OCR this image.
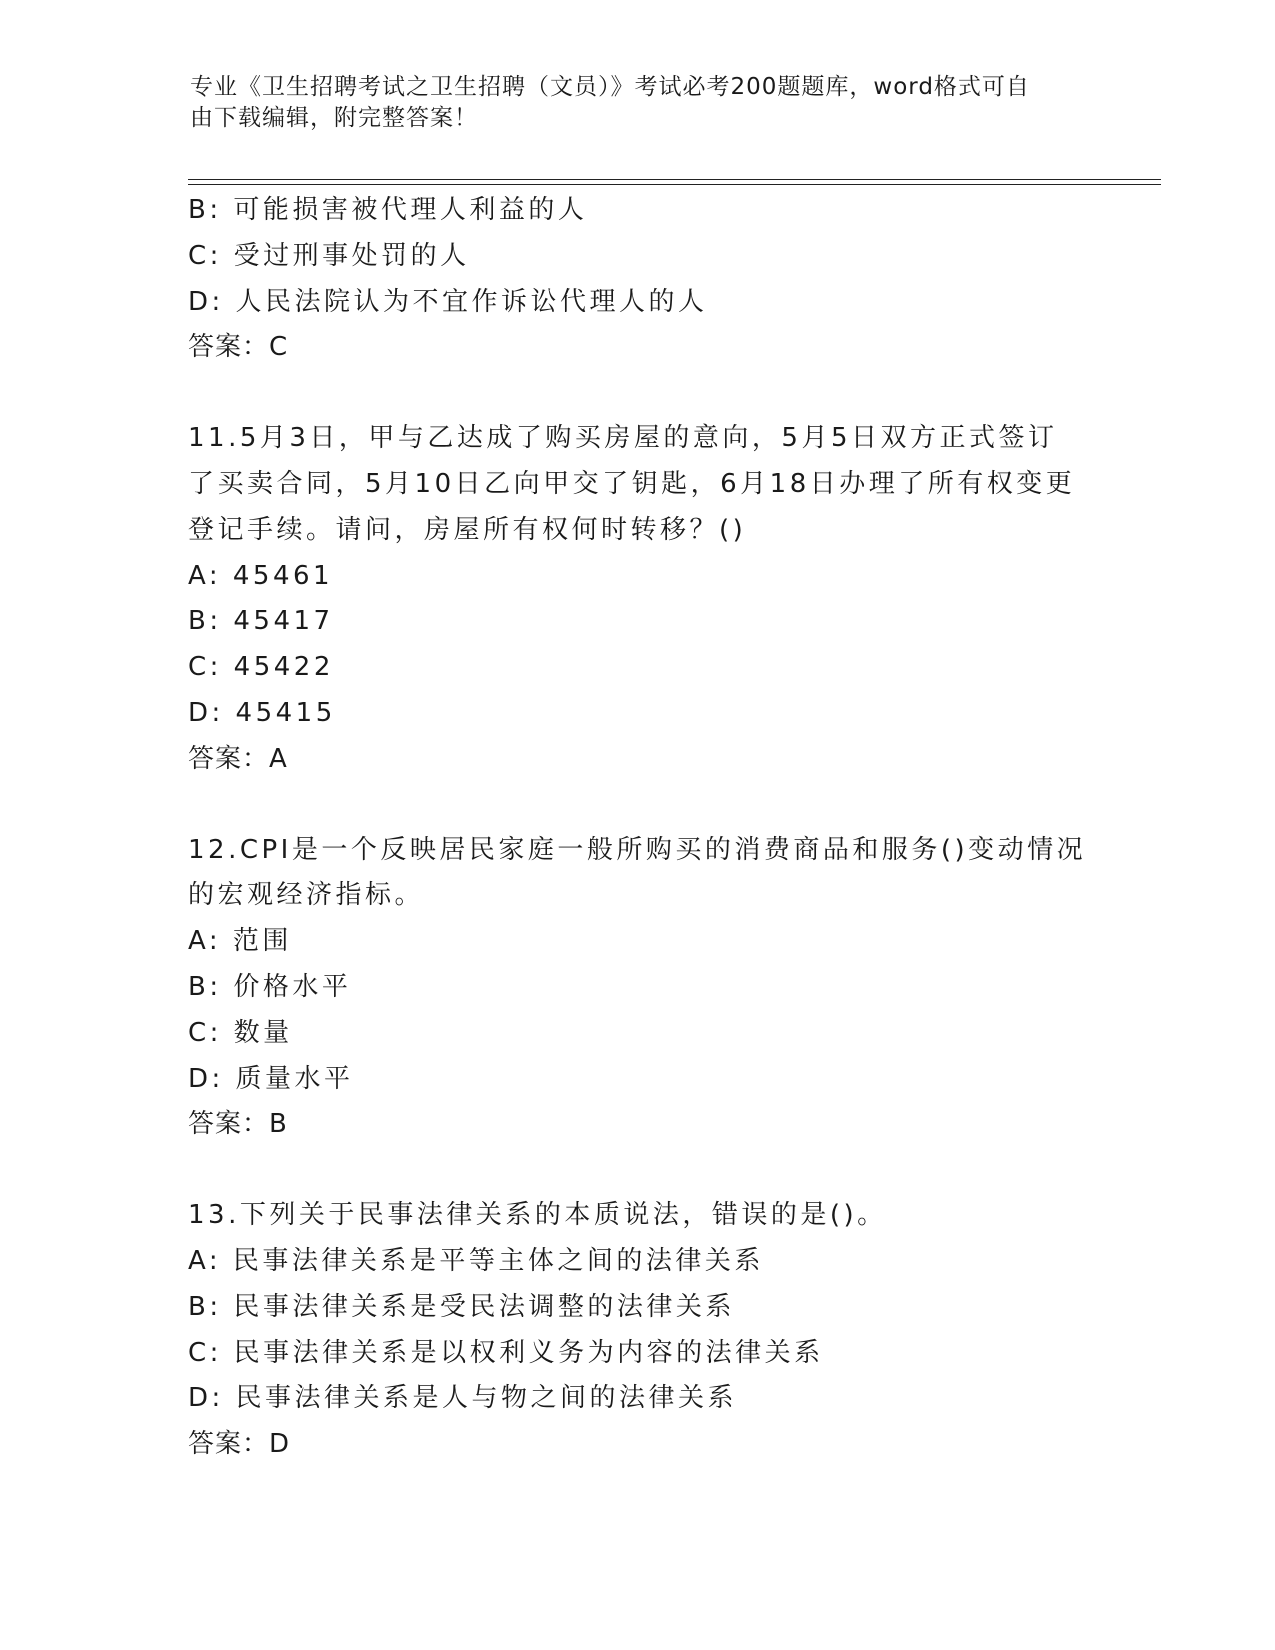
专业《卫生招聘考试之卫生招聘（文员）》考试必考200题题库，word格式可自
由下载编辑，附完整答案！
B: 可能损害被代理人利益的人
C: 受过刑事处罚的人
D: 人民法院认为不宜作诉讼代理人的人
答案：C
11.5月3日，甲与乙达成了购买房屋的意向，5月5日双方正式签订
了买卖合同，5月10日乙向甲交了钥匙，6月18日办理了所有权变更
登记手续。请问，房屋所有权何时转移？()
A: 45461
B: 45417
C: 45422
D: 45415
答案：A
12.CPI是一个反映居民家庭一般所购买的消费商品和服务()变动情况
的宏观经济指标。
A: 范围
B: 价格水平
C: 数量
D: 质量水平
答案：B
13.下列关于民事法律关系的本质说法，错误的是()。
A: 民事法律关系是平等主体之间的法律关系
B: 民事法律关系是受民法调整的法律关系
C: 民事法律关系是以权利义务为内容的法律关系
D: 民事法律关系是人与物之间的法律关系
答案：D
